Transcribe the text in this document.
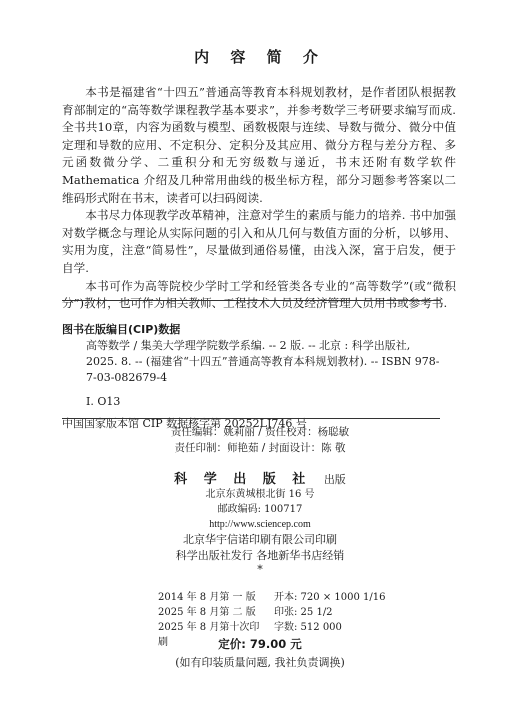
内 容 简 介

本书是福建省“十四五”普通高等教育本科规划教材，是作者团队根据教育部制定的“高等数学课程教学基本要求”，并参考数学三考研要求编写而成. 全书共10章，内容为函数与模型、函数极限与连续、导数与微分、微分中值定理和导数的应用、不定积分、定积分及其应用、微分方程与差分方程、多元函数微分学、二重积分和无穷级数与递近，书末还附有数学软件 Mathematica 介绍及几种常用曲线的极坐标方程，部分习题参考答案以二维码形式附在书末，读者可以扫码阅读.

本书尽力体现教学改革精神，注意对学生的素质与能力的培养. 书中加强对数学概念与理论从实际问题的引入和从几何与数值方面的分析，以够用、实用为度，注意“简易性”，尽量做到通俗易懂，由浅入深，富于启发，便于自学.

本书可作为高等院校少学时工学和经管类各专业的“高等数学”(或“微积分”)教材，也可作为相关教师、工程技术人员及经济管理人员用书或参考书.

图书在版编目(CIP)数据
高等数学 / 集美大学理学院数学系编. -- 2 版. -- 北京 : 科学出版社, 2025. 8. -- (福建省“十四五”普通高等教育本科规划教材). -- ISBN 978-7-03-082679-4
I. O13
中国国家版本馆 CIP 数据核字第 20252LJ746 号
责任编辑：姚莉丽 / 责任校对：杨聪敏
责任印制：师艳茹 / 封面设计：陈 敬
科 学 出 版 社 出版
北京东黄城根北街 16 号
邮政编码: 100717
http://www.sciencep.com
北京华宇信诺印刷有限公司印刷
科学出版社发行 各地新华书店经销
*
2014 年 8 月第 一 版	开本: 720 × 1000 1/16
2025 年 8 月第 二 版	印张: 25 1/2
2025 年 8 月第十次印刷
字数: 512 000
定价: 79.00 元
(如有印装质量问题, 我社负责调换)
